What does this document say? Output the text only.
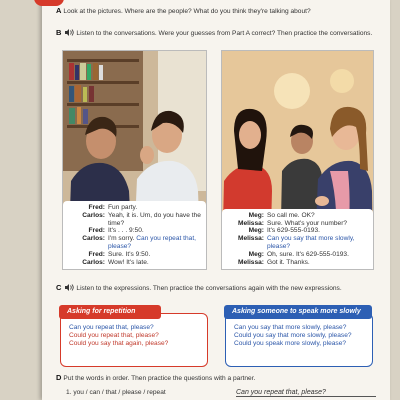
A Look at the pictures. Where are the people? What do you think they're talking about?
B Listen to the conversations. Were your guesses from Part A correct? Then practice the conversations.
Fred: Fun party.
Carlos: Yeah, it is. Um, do you have the time?
Fred: It's . . . 9:50.
Carlos: I'm sorry. Can you repeat that, please?
Fred: Sure. It's 9:50.
Carlos: Wow! It's late.
Meg: So call me. OK?
Melissa: Sure. What's your number?
Meg: It's 629-555-0193.
Melissa: Can you say that more slowly, please?
Meg: Oh, sure. It's 629-555-0193.
Melissa: Got it. Thanks.
C Listen to the expressions. Then practice the conversations again with the new expressions.
Asking for repetition
Can you repeat that, please?
Could you repeat that, please?
Could you say that again, please?
Asking someone to speak more slowly
Can you say that more slowly, please?
Could you say that more slowly, please?
Could you speak more slowly, please?
D Put the words in order. Then practice the questions with a partner.
1. you / can / that / please / repeat	Can you repeat that, please?
